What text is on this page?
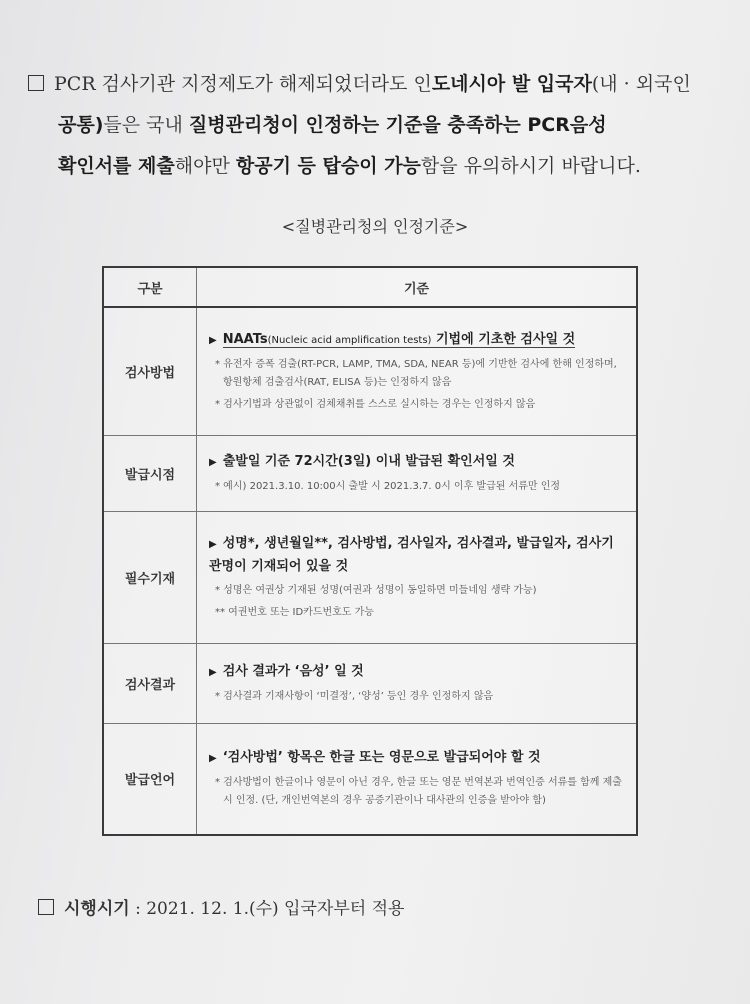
PCR 검사기관 지정제도가 해제되었더라도 인도네시아 발 입국자(내 · 외국인
공통)들은 국내 질병관리청이 인정하는 기준을 충족하는 PCR음성
확인서를 제출해야만 항공기 등 탑승이 가능함을 유의하시기 바랍니다.
<질병관리청의 인정기준>
구분	기준
검사방법	▶ NAATs(Nucleic acid amplification tests) 기법에 기초한 검사일 것
* 유전자 증폭 검출(RT-PCR, LAMP, TMA, SDA, NEAR 등)에 기반한 검사에 한해 인정하며, 항원항체 검출검사(RAT, ELISA 등)는 인정하지 않음
* 검사기법과 상관없이 검체채취를 스스로 실시하는 경우는 인정하지 않음

발급시점	▶ 출발일 기준 72시간(3일) 이내 발급된 확인서일 것
* 예시) 2021.3.10. 10:00시 출발 시 2021.3.7. 0시 이후 발급된 서류만 인정

필수기재	▶ 성명*, 생년월일**, 검사방법, 검사일자, 검사결과, 발급일자, 검사기관명이 기재되어 있을 것
* 성명은 여권상 기재된 성명(여권과 성명이 동일하면 미들네임 생략 가능)
** 여권번호 또는 ID카드번호도 가능

검사결과	▶ 검사 결과가 ‘음성’ 일 것
* 검사결과 기재사항이 ‘미결정’, ‘양성’ 등인 경우 인정하지 않음

발급언어	▶ ‘검사방법’ 항목은 한글 또는 영문으로 발급되어야 할 것
* 검사방법이 한글이나 영문이 아닌 경우, 한글 또는 영문 번역본과 번역인증 서류를 함께 제출 시 인정. (단, 개인번역본의 경우 공증기관이나 대사관의 인증을 받아야 함)
시행시기 : 2021. 12. 1.(수) 입국자부터 적용
